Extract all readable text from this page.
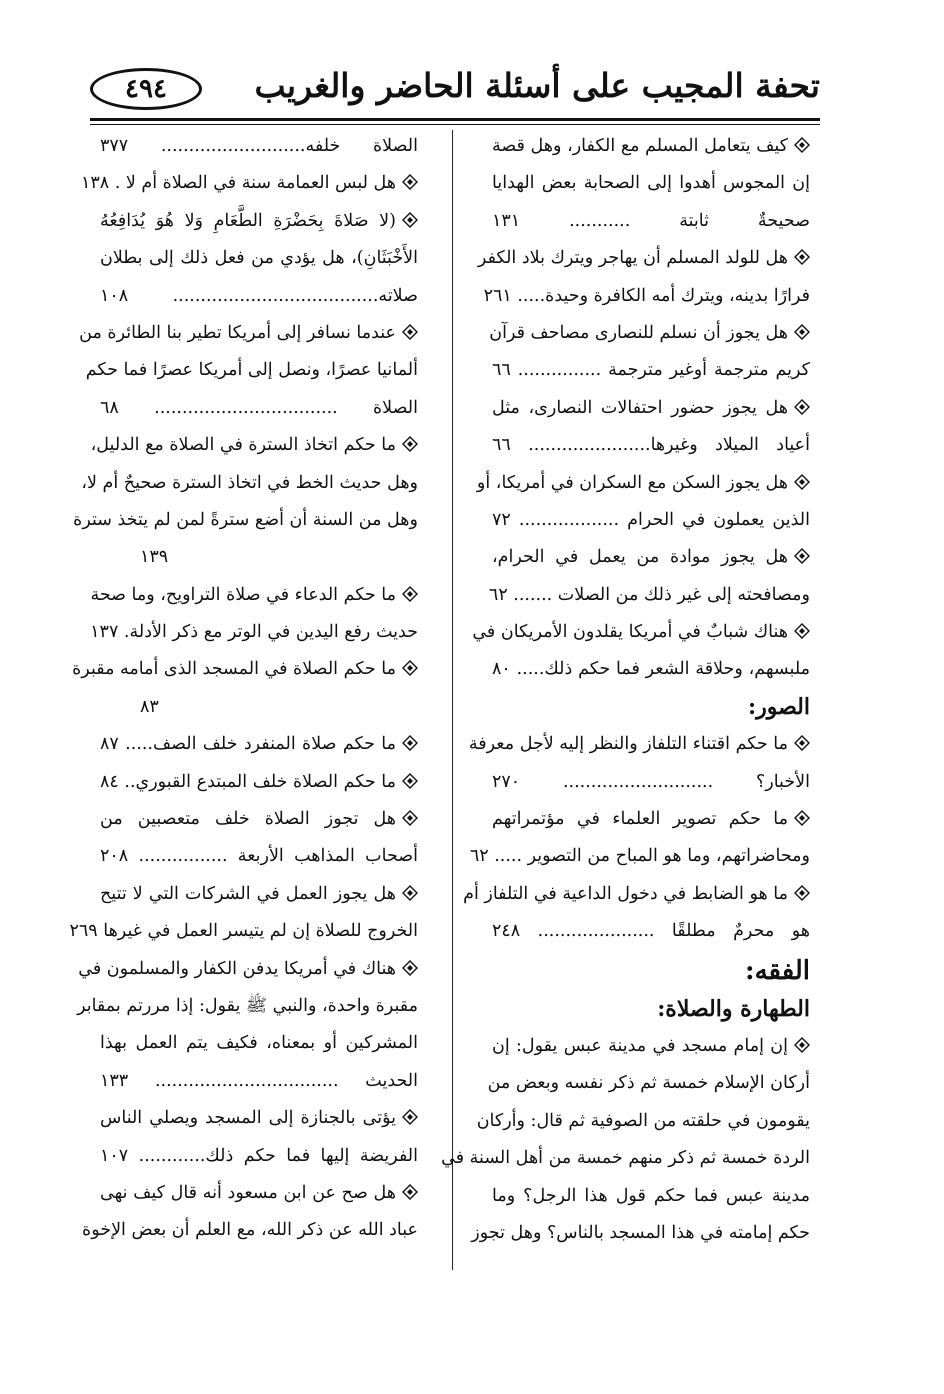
٤٩٤	تحفة المجيب على أسئلة الحاضر والغريب
كيف يتعامل المسلم مع الكفار، وهل قصة
إن المجوس أهدوا إلى الصحابة بعض الهدايا
صحيحةٌ ثابتة ........... ١٣١
هل للولد المسلم أن يهاجر ويترك بلاد الكفر
فرارًا بدينه، ويترك أمه الكافرة وحيدة..... ٢٦١
هل يجوز أن نسلم للنصارى مصاحف قرآن
كريم مترجمة أوغير مترجمة ............... ٦٦
هل يجوز حضور احتفالات النصارى، مثل
أعياد الميلاد وغيرها...................... ٦٦
هل يجوز السكن مع السكران في أمريكا، أو
الذين يعملون في الحرام .................. ٧٢
هل يجوز موادة من يعمل في الحرام،
ومصافحته إلى غير ذلك من الصلات ....... ٦٢
هناك شبابٌ في أمريكا يقلدون الأمريكان في
ملبسهم، وحلاقة الشعر فما حكم ذلك..... ٨٠
الصور:
ما حكم اقتناء التلفاز والنظر إليه لأجل معرفة
الأخبار؟ ........................... ٢٧٠
ما حكم تصوير العلماء في مؤتمراتهم
ومحاضراتهم، وما هو المباح من التصوير ..... ٦٢
ما هو الضابط في دخول الداعية في التلفاز أم
هو محرمٌ مطلقًا ..................... ٢٤٨
الفقه:
الطهارة والصلاة:
إن إمام مسجد في مدينة عبس يقول: إن
أركان الإسلام خمسة ثم ذكر نفسه وبعض من
يقومون في حلقته من الصوفية ثم قال: وأركان
الردة خمسة ثم ذكر منهم خمسة من أهل السنة في
مدينة عبس فما حكم قول هذا الرجل؟ وما
حكم إمامته في هذا المسجد بالناس؟ وهل تجوز
الصلاة خلفه.......................... ٣٧٧
هل لبس العمامة سنة في الصلاة أم لا . ١٣٨
(لا صَلاةَ بِحَضْرَةِ الطَّعَامِ وَلا هُوَ يُدَافِعُهُ
الأَخْبَثَانِ)، هل يؤدي من فعل ذلك إلى بطلان
صلاته..................................... ١٠٨
عندما نسافر إلى أمريكا تطير بنا الطائرة من
ألمانيا عصرًا، ونصل إلى أمريكا عصرًا فما حكم
الصلاة ................................. ٦٨
ما حكم اتخاذ السترة في الصلاة مع الدليل،
وهل حديث الخط في اتخاذ السترة صحيحٌ أم لا،
وهل من السنة أن أضع سترةً لمن لم يتخذ سترة
١٣٩
ما حكم الدعاء في صلاة التراويح، وما صحة
حديث رفع اليدين في الوتر مع ذكر الأدلة. ١٣٧
ما حكم الصلاة في المسجد الذى أمامه مقبرة
٨٣
ما حكم صلاة المنفرد خلف الصف..... ٨٧
ما حكم الصلاة خلف المبتدع القبوري.. ٨٤
هل تجوز الصلاة خلف متعصبين من
أصحاب المذاهب الأربعة ................ ٢٠٨
هل يجوز العمل في الشركات التي لا تتيح
الخروج للصلاة إن لم يتيسر العمل في غيرها ٢٦٩
هناك في أمريكا يدفن الكفار والمسلمون في
مقبرة واحدة، والنبي ﷺ يقول: إذا مررتم بمقابر
المشركين أو بمعناه، فكيف يتم العمل بهذا
الحديث ................................. ١٣٣
يؤتى بالجنازة إلى المسجد ويصلي الناس
الفريضة إليها فما حكم ذلك............ ١٠٧
هل صح عن ابن مسعود أنه قال كيف نهى
عباد الله عن ذكر الله، مع العلم أن بعض الإخوة
